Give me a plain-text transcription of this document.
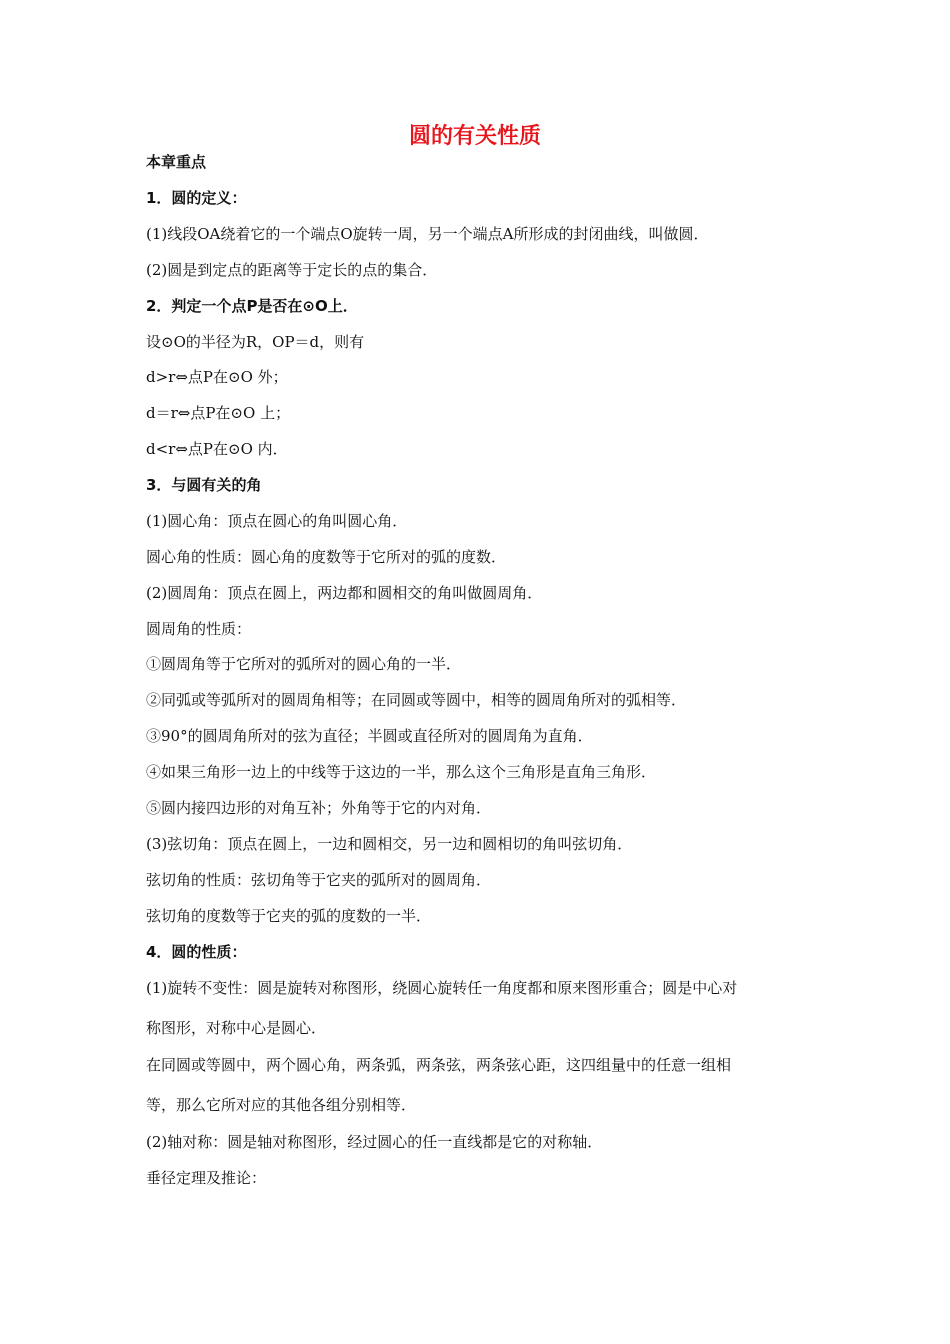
圆的有关性质
本章重点
1．圆的定义：
(1)线段OA绕着它的一个端点O旋转一周，另一个端点A所形成的封闭曲线，叫做圆．
(2)圆是到定点的距离等于定长的点的集合．
2．判定一个点P是否在⊙O上．
设⊙O的半径为R，OP＝d，则有
d>r⇔点P在⊙O 外；
d＝r⇔点P在⊙O 上；
d<r⇔点P在⊙O 内．
3．与圆有关的角
(1)圆心角：顶点在圆心的角叫圆心角．
圆心角的性质：圆心角的度数等于它所对的弧的度数．
(2)圆周角：顶点在圆上，两边都和圆相交的角叫做圆周角．
圆周角的性质：
①圆周角等于它所对的弧所对的圆心角的一半．
②同弧或等弧所对的圆周角相等；在同圆或等圆中，相等的圆周角所对的弧相等．
③90°的圆周角所对的弦为直径；半圆或直径所对的圆周角为直角．
④如果三角形一边上的中线等于这边的一半，那么这个三角形是直角三角形．
⑤圆内接四边形的对角互补；外角等于它的内对角．
(3)弦切角：顶点在圆上，一边和圆相交，另一边和圆相切的角叫弦切角．
弦切角的性质：弦切角等于它夹的弧所对的圆周角．
弦切角的度数等于它夹的弧的度数的一半．
4．圆的性质：
(1)旋转不变性：圆是旋转对称图形，绕圆心旋转任一角度都和原来图形重合；圆是中心对
称图形，对称中心是圆心．
在同圆或等圆中，两个圆心角，两条弧，两条弦，两条弦心距，这四组量中的任意一组相
等，那么它所对应的其他各组分别相等．
(2)轴对称：圆是轴对称图形，经过圆心的任一直线都是它的对称轴．
垂径定理及推论：
